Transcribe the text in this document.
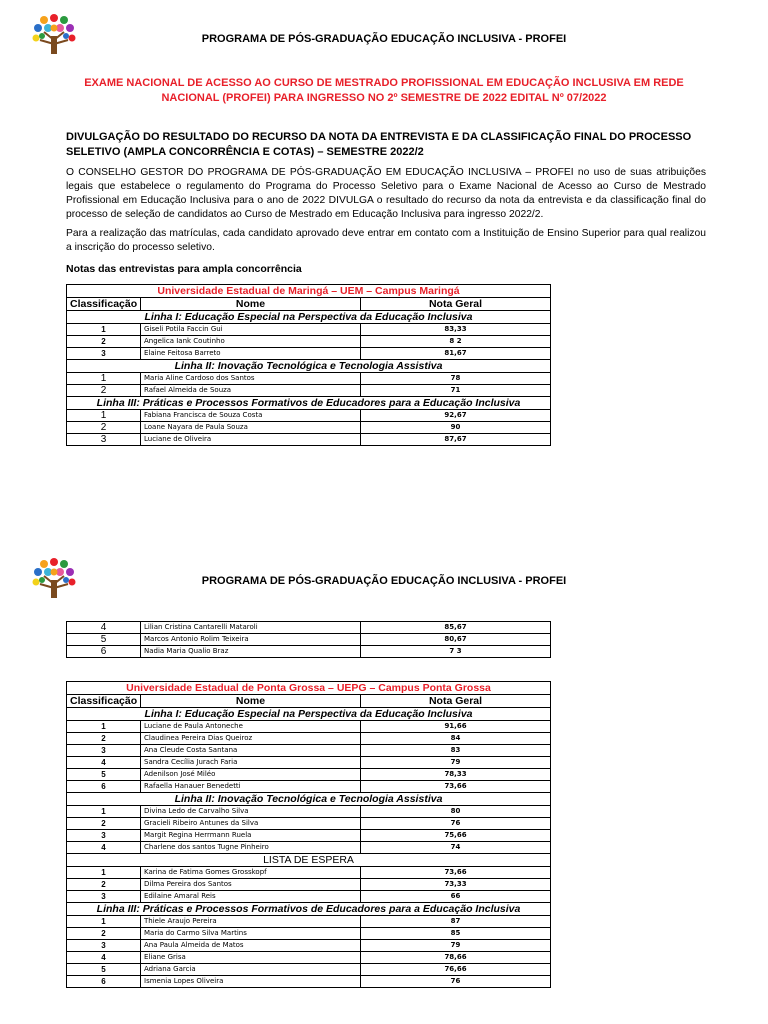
PROGRAMA DE PÓS-GRADUAÇÃO EDUCAÇÃO INCLUSIVA - PROFEI
EXAME NACIONAL DE ACESSO AO CURSO DE MESTRADO PROFISSIONAL EM EDUCAÇÃO INCLUSIVA EM REDE
NACIONAL (PROFEI) PARA INGRESSO NO 2º SEMESTRE DE 2022 EDITAL Nº 07/2022
DIVULGAÇÃO DO RESULTADO DO RECURSO DA NOTA DA ENTREVISTA E DA CLASSIFICAÇÃO FINAL DO PROCESSO
SELETIVO (AMPLA CONCORRÊNCIA E COTAS) – SEMESTRE 2022/2
O CONSELHO GESTOR DO PROGRAMA DE PÓS-GRADUAÇÃO EM EDUCAÇÃO INCLUSIVA – PROFEI no uso de suas atribuições legais que estabelece o regulamento do Programa do Processo Seletivo para o Exame Nacional de Acesso ao Curso de Mestrado Profissional em Educação Inclusiva para o ano de 2022 DIVULGA o resultado do recurso da nota da entrevista e da classificação final do processo de seleção de candidatos ao Curso de Mestrado em Educação Inclusiva para ingresso 2022/2.
Para a realização das matrículas, cada candidato aprovado deve entrar em contato com a Instituição de Ensino Superior para qual realizou a inscrição do processo seletivo.
Notas das entrevistas para ampla concorrência
Universidade Estadual de Maringá – UEM – Campus Maringá		
Classificação	Nome	Nota Geral
Linha I: Educação Especial na Perspectiva da Educação Inclusiva		
1	Giseli Potila Faccin Gui	83,33
2	Angelica Iank Coutinho	8 2
3	Elaine Feitosa Barreto	81,67
Linha II: Inovação Tecnológica e Tecnologia Assistiva		
1	Maria Aline Cardoso dos Santos	78
2	Rafael Almeida de Souza	71
Linha III: Práticas e Processos Formativos de Educadores para a Educação Inclusiva		
1	Fabiana Francisca de Souza Costa	92,67
2	Loane Nayara de Paula Souza	90
3	Luciane de Oliveira	87,67
PROGRAMA DE PÓS-GRADUAÇÃO EDUCAÇÃO INCLUSIVA - PROFEI
4	Lilian Cristina Cantarelli Mataroli	85,67
5	Marcos Antonio Rolim Teixeira	80,67
6	Nadia Maria Qualio Braz	7 3
Universidade Estadual de Ponta Grossa – UEPG – Campus Ponta Grossa		
Classificação	Nome	Nota Geral
Linha I: Educação Especial na Perspectiva da Educação Inclusiva		
1	Luciane de Paula Antoneche	91,66
2	Claudinea Pereira Dias Queiroz	84
3	Ana Cleude Costa Santana	83
4	Sandra Cecília Jurach Faria	79
5	Adenilson José Miléo	78,33
6	Rafaella Hanauer Benedetti	73,66
Linha II: Inovação Tecnológica e Tecnologia Assistiva		
1	Divina Ledo de Carvalho Silva	80
2	Gracieli Ribeiro Antunes da Silva	76
3	Margit Regina Herrmann Ruela	75,66
4	Charlene dos santos Tugne Pinheiro	74
LISTA DE ESPERA		
1	Karina de Fatima Gomes Grosskopf	73,66
2	Dilma Pereira dos Santos	73,33
3	Edilaine Amaral Reis	66
Linha III: Práticas e Processos Formativos de Educadores para a Educação Inclusiva		
1	Thiele Araujo Pereira	87
2	Maria do Carmo Silva Martins	85
3	Ana Paula Almeida de Matos	79
4	Eliane Grisa	78,66
5	Adriana Garcia	76,66
6	Ismenia Lopes Oliveira	76
